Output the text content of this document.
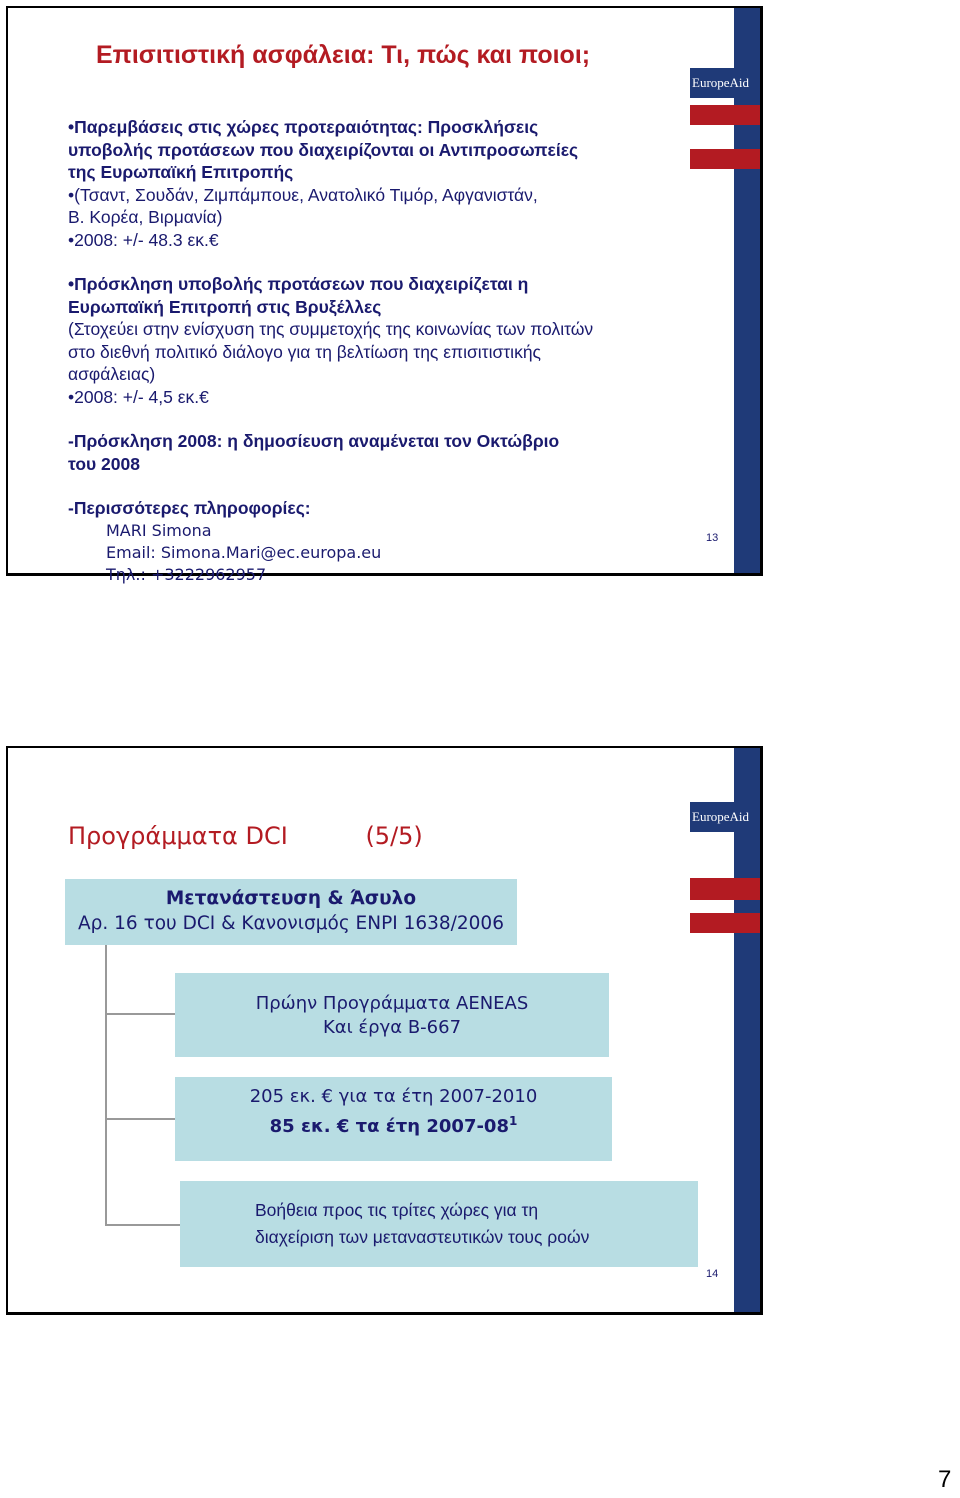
EuropeAid
Επισιτιστική ασφάλεια: Τι, πώς και ποιοι;

•Παρεμβάσεις στις χώρες προτεραιότητας: Προσκλήσεις

υποβολής προτάσεων που διαχειρίζονται οι Αντιπροσωπείες

της Ευρωπαϊκή Επιτροπής

•(Τσαντ, Σουδάν, Ζιμπάμπουε, Ανατολικό Τιμόρ, Αφγανιστάν,

Β. Κορέα, Βιρμανία)

•2008: +/- 48.3 εκ.€

•Πρόσκληση υποβολής προτάσεων που διαχειρίζεται η

Ευρωπαϊκή Επιτροπή στις Βρυξέλλες

(Στοχεύει στην ενίσχυση της συμμετοχής της κοινωνίας των πολιτών

στο διεθνή πολιτικό διάλογο για τη βελτίωση της επισιτιστικής

ασφάλειας)

•2008: +/- 4,5 εκ.€

-Πρόσκληση 2008: η δημοσίευση αναμένεται τον Οκτώβριο

του 2008

-Περισσότερες πληροφορίες:

MARI Simona

Email: Simona.Mari@ec.europa.eu

Τηλ.: +3222962957

13
EuropeAid
Προγράμματα DCI	(5/5)
Μετανάστευση & Άσυλο
Αρ. 16 του DCI & Κανονισμός ENPI 1638/2006
Πρώην Προγράμματα AENEAS
Και έργα B-667
205 εκ. € για τα έτη 2007-2010
85 εκ. € τα έτη $2007-08^1$
Βοήθεια προς τις τρίτες χώρες για τη
διαχείριση των μεταναστευτικών τους ροών
14
7
